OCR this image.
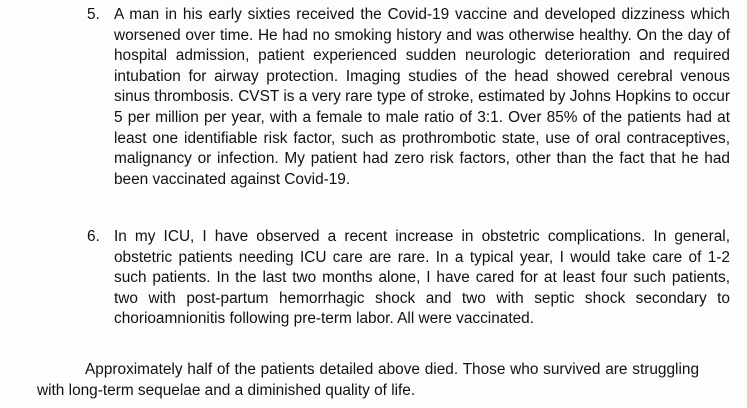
5. A man in his early sixties received the Covid-19 vaccine and developed dizziness which worsened over time. He had no smoking history and was otherwise healthy. On the day of hospital admission, patient experienced sudden neurologic deterioration and required intubation for airway protection. Imaging studies of the head showed cerebral venous sinus thrombosis. CVST is a very rare type of stroke, estimated by Johns Hopkins to occur 5 per million per year, with a female to male ratio of 3:1. Over 85% of the patients had at least one identifiable risk factor, such as prothrombotic state, use of oral contraceptives, malignancy or infection. My patient had zero risk factors, other than the fact that he had been vaccinated against Covid-19.
6. In my ICU, I have observed a recent increase in obstetric complications. In general, obstetric patients needing ICU care are rare. In a typical year, I would take care of 1-2 such patients. In the last two months alone, I have cared for at least four such patients, two with post-partum hemorrhagic shock and two with septic shock secondary to chorioamnionitis following pre-term labor. All were vaccinated.
Approximately half of the patients detailed above died. Those who survived are struggling with long-term sequelae and a diminished quality of life.
